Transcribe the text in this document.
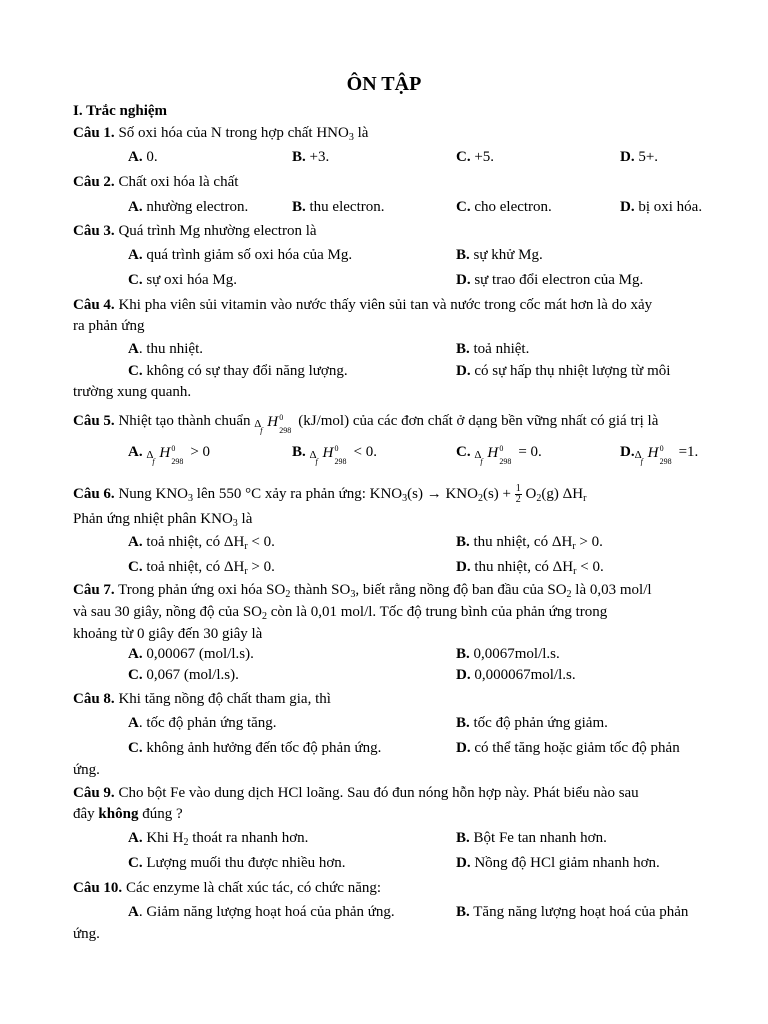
ÔN TẬP
I. Trắc nghiệm
Câu 1. Số oxi hóa của N trong hợp chất $HNO_3$ là
A. 0.	B. +3.	C. +5.	D. 5+.
Câu 2. Chất oxi hóa là chất
A. nhường electron.	B. thu electron.	C. cho electron.	D. bị oxi hóa.
Câu 3. Quá trình Mg nhường electron là
A. quá trình giảm số oxi hóa của Mg.	B. sự khử Mg.
C. sự oxi hóa Mg.	D. sự trao đổi electron của Mg.
Câu 4. Khi pha viên sủi vitamin vào nước thấy viên sủi tan và nước trong cốc mát hơn là do xảy
ra phản ứng
A. thu nhiệt.	B. toả nhiệt.
C. không có sự thay đổi năng lượng.	D. có sự hấp thụ nhiệt lượng từ môi
trường xung quanh.
Câu 5. Nhiệt tạo thành chuẩn Δ
f
H 0
298
(kJ/mol) của các đơn chất ở dạng bền vững nhất có giá trị là
A. Δ
f
H 0
298
> 0	B. Δ
f
H 0
298
< 0.	C. Δ
f
H 0
298
= 0.	D. Δ
f
H 0
298
=1.
Câu 6. Nung $KNO_3$ lên 550 °C xảy ra phản ứng: $KNO_3(s) \to KNO_2(s) + \frac{1}{2} O_2(g)$ $\Delta H_r$
Phản ứng nhiệt phân $KNO_3$ là
A. toả nhiệt, có $\Delta H_r < 0$.	B. thu nhiệt, có $\Delta H_r > 0$.
C. toả nhiệt, có $\Delta H_r > 0$.	D. thu nhiệt, có $\Delta H_r < 0$.
Câu 7. Trong phản ứng oxi hóa $SO_2$ thành $SO_3$, biết rằng nồng độ ban đầu của $SO_2$ là 0,03 mol/l
và sau 30 giây, nồng độ của $SO_2$ còn là 0,01 mol/l. Tốc độ trung bình của phản ứng trong
khoảng từ 0 giây đến 30 giây là
A. 0,00067 (mol/l.s).	B. 0,0067mol/l.s.
C. 0,067 (mol/l.s).	D. 0,000067mol/l.s.
Câu 8. Khi tăng nồng độ chất tham gia, thì
A. tốc độ phản ứng tăng.	B. tốc độ phản ứng giảm.
C. không ảnh hưởng đến tốc độ phản ứng.	D. có thể tăng hoặc giảm tốc độ phản
ứng.
Câu 9. Cho bột Fe vào dung dịch HCl loãng. Sau đó đun nóng hỗn hợp này. Phát biểu nào sau
đây không đúng ?
A. Khi $H_2$ thoát ra nhanh hơn.	B. Bột Fe tan nhanh hơn.
C. Lượng muối thu được nhiều hơn.	D. Nồng độ HCl giảm nhanh hơn.
Câu 10. Các enzyme là chất xúc tác, có chức năng:
A. Giảm năng lượng hoạt hoá của phản ứng.	B. Tăng năng lượng hoạt hoá của phản
ứng.
